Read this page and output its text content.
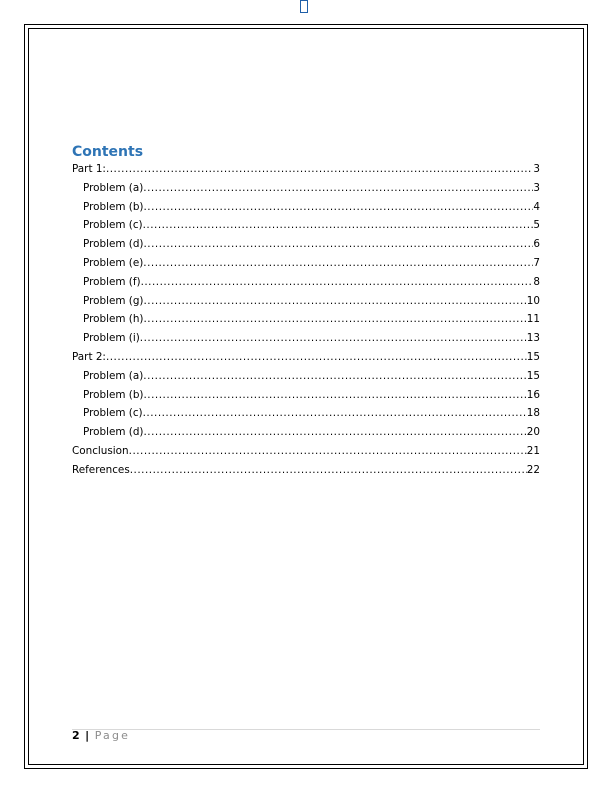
Contents
Part 1: .....	3
Problem (a) .....	3
Problem (b) .....	4
Problem (c) .....	5
Problem (d) .....	6
Problem (e) .....	7
Problem (f) .....	8
Problem (g) .....	10
Problem (h) .....	11
Problem (i) .....	13
Part 2: .....	15
Problem (a) .....	15
Problem (b) .....	16
Problem (c) .....	18
Problem (d) .....	20
Conclusion .....	21
References .....	22
2 | Page
